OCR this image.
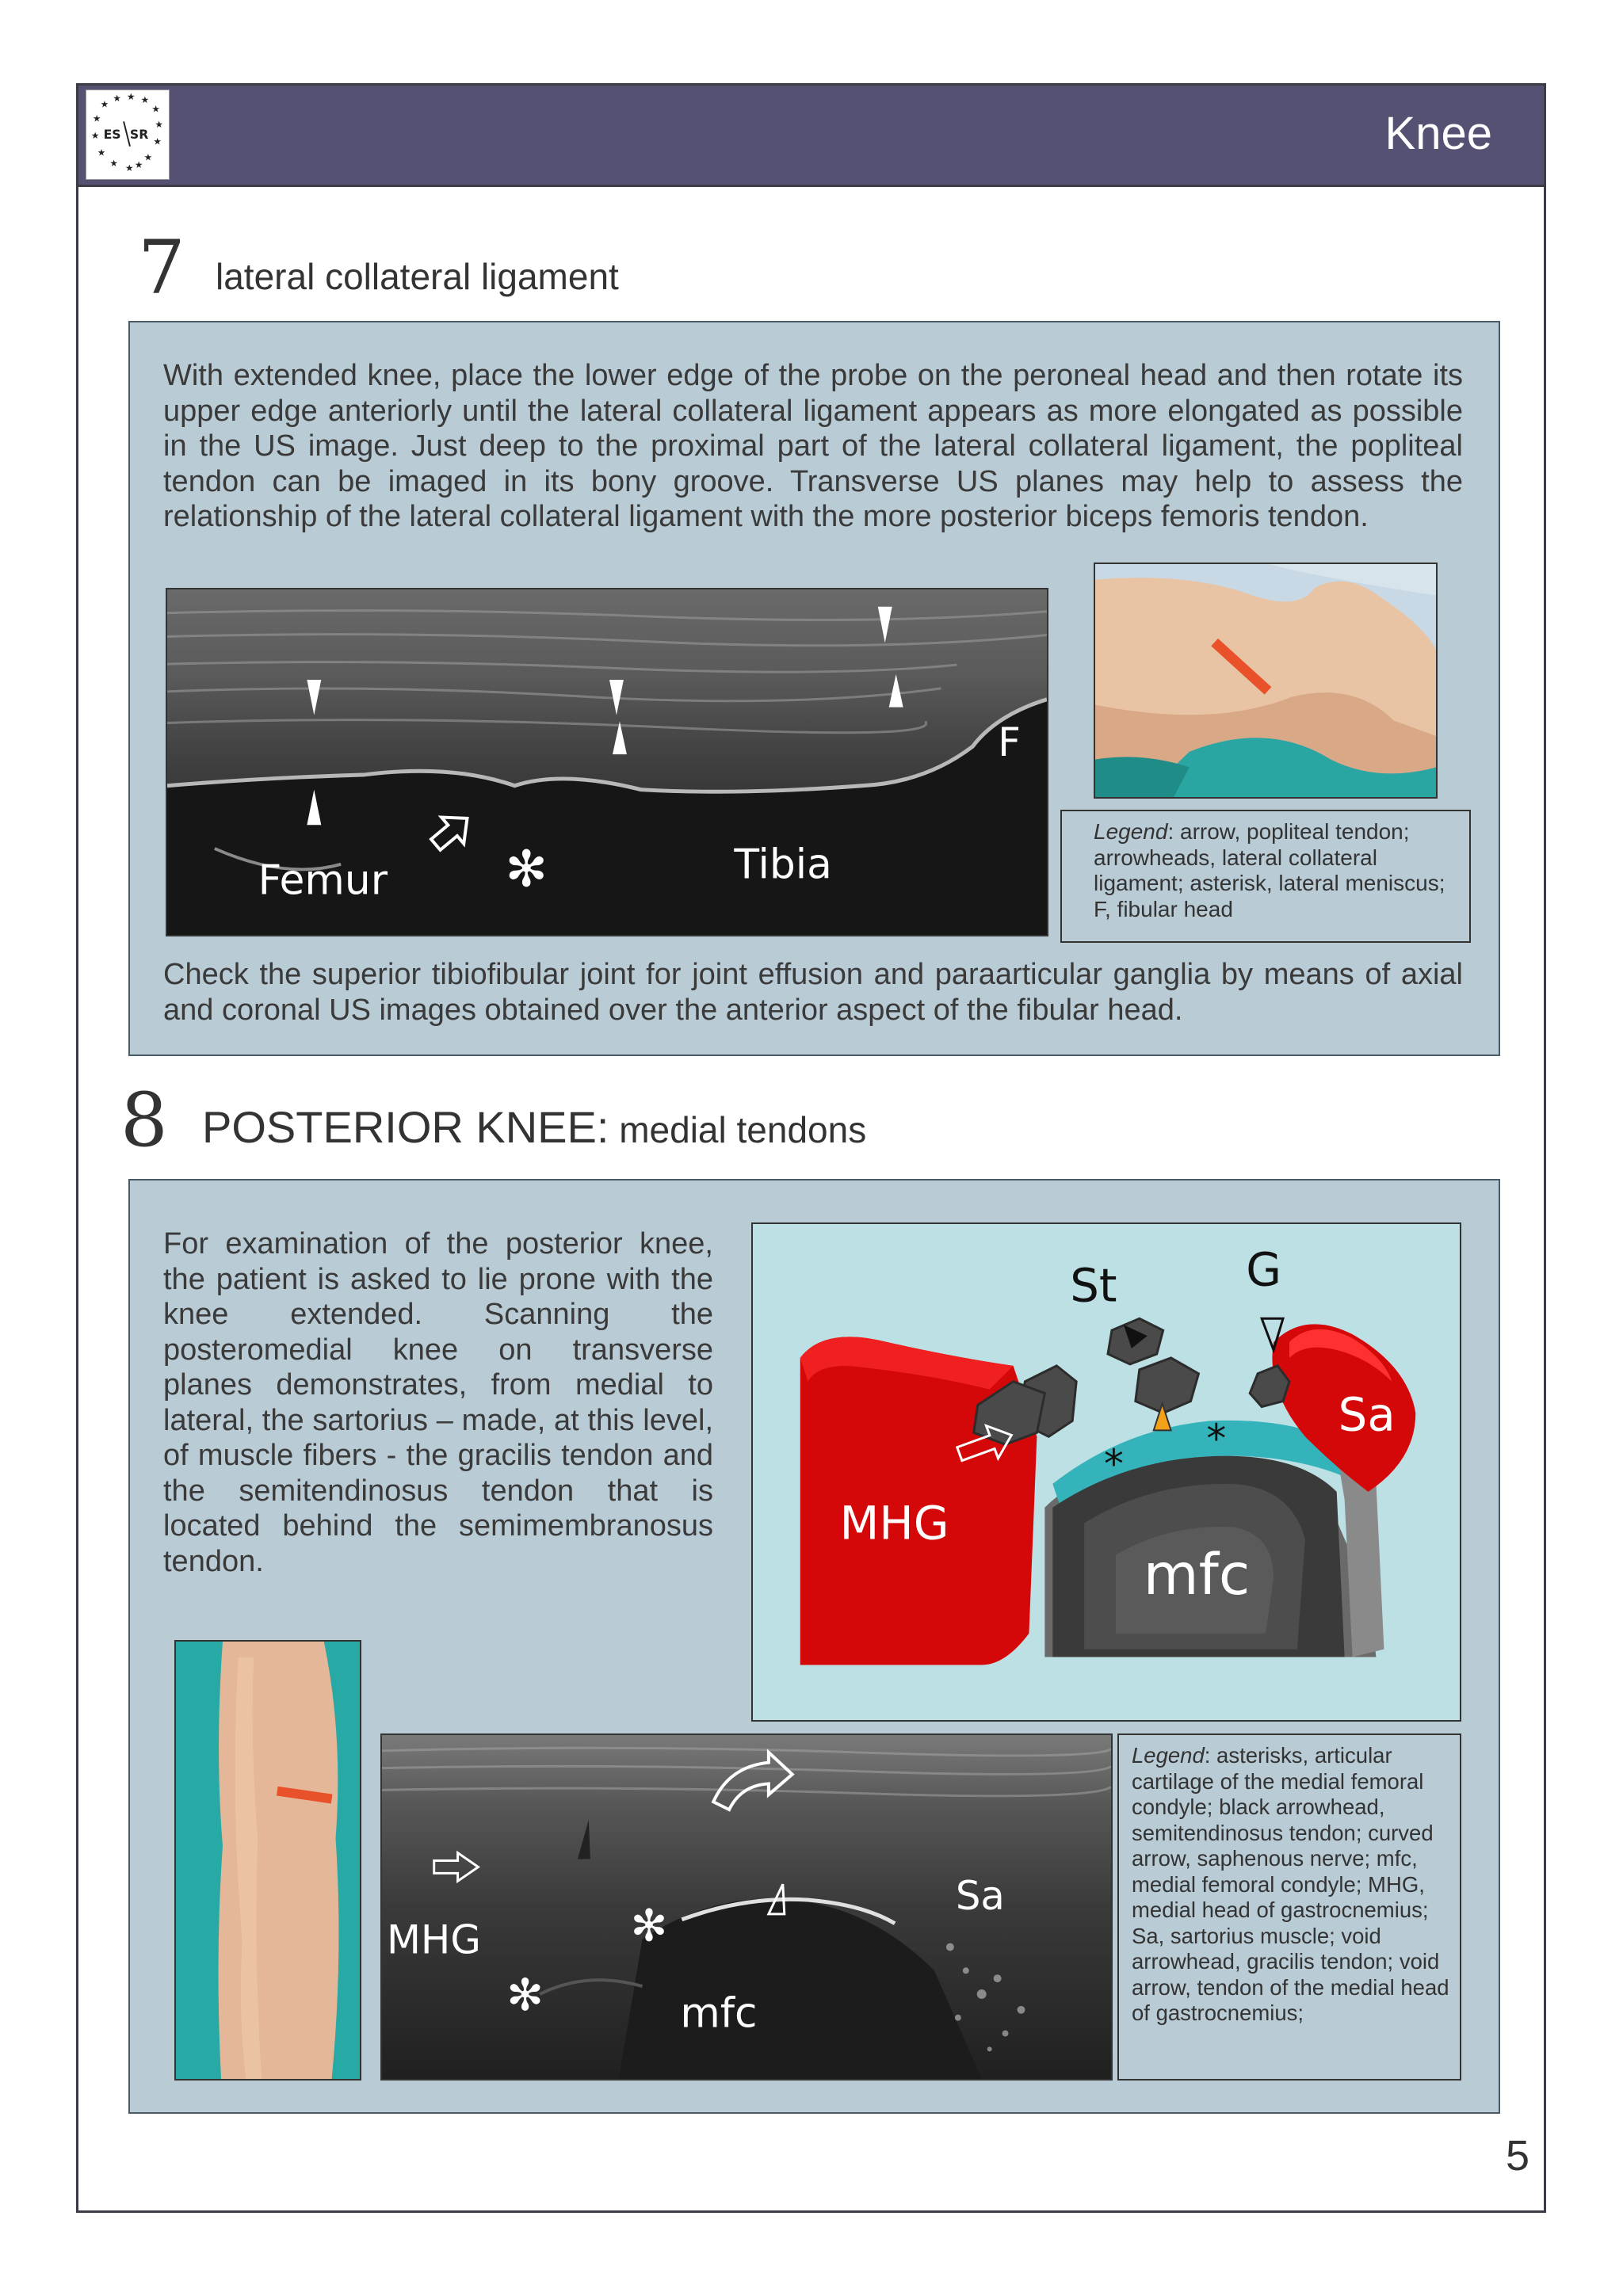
★
★ ★ ★
★
★
★
★
★
★	★
★ ★ ★
ES SR	Knee
7 lateral collateral ligament
With extended knee, place the lower edge of the probe on the peroneal head and then rotate its upper edge anteriorly until the lateral collateral ligament appears as more elongated as possible in the US image. Just deep to the proximal part of the lateral collateral ligament, the popliteal tendon can be imaged in its bony groove. Transverse US planes may help to assess the relationship of the lateral collateral ligament with the more posterior biceps femoris tendon.
Femur ✻	Tibia
F
Legend: arrow, popliteal tendon; arrowheads, lateral collateral ligament; asterisk, lateral meniscus; F, fibular head
Check the superior tibiofibular joint for joint effusion and paraarticular ganglia by means of axial and coronal US images obtained over the anterior aspect of the fibular head.
8 POSTERIOR KNEE: medial tendons
For examination of the posterior knee, the patient is asked to lie prone with the knee extended. Scanning the posteromedial knee on transverse planes demonstrates, from medial to lateral, the sartorius – made, at this level, of muscle fibers - the gracilis tendon and the semitendinosus tendon that is located behind the semimembranosus tendon.
St	G
Sa
MHG
mfc
*
*
MHG
mfc
Sa
✻
✻
Legend: asterisks, articular cartilage of the medial femoral condyle; black arrowhead, semitendinosus tendon; curved arrow, saphenous nerve; mfc, medial femoral condyle; MHG, medial head of gastrocnemius; Sa, sartorius muscle; void arrowhead, gracilis tendon; void arrow, tendon of the medial head of gastrocnemius;
5
